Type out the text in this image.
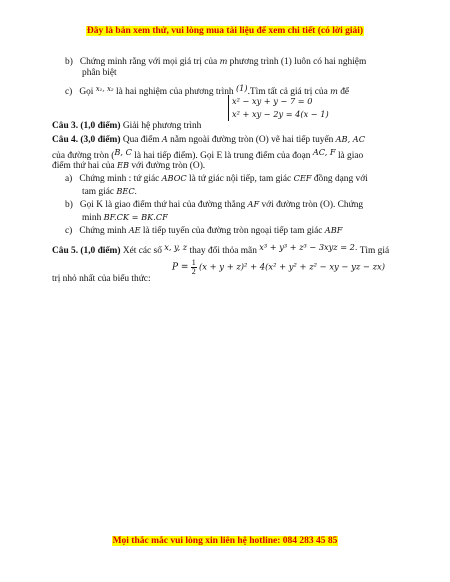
Đây là bản xem thử, vui lòng mua tài liệu để xem chi tiết (có lời giải)
b) Chứng minh rằng với mọi giá trị của m phương trình (1) luôn có hai nghiệm
phân biệt
c) Gọi $^{x_1, x_2}$ là hai nghiệm của phương trình (1).Tìm tất cả giá trị của m để
x² − xy + y − 7 = 0
x² + xy − 2y = 4(x − 1)
Câu 3. (1,0 điểm) Giải hệ phương trình
Câu 4. (3,0 điểm) Qua điểm A nằm ngoài đường tròn (O) vẽ hai tiếp tuyến AB, AC
của đường tròn (B, C là hai tiếp điểm). Gọi E là trung điểm của đoạn AC, F là giao
điểm thứ hai của EB với đường tròn (O).
a) Chứng minh : tứ giác ABOC là tứ giác nội tiếp, tam giác CEF đồng dạng với
tam giác BEC.
b) Gọi K là giao điểm thứ hai của đường thẳng AF với đường tròn (O). Chứng
minh BF.CK = BK.CF
c) Chứng minh AE là tiếp tuyến của đường tròn ngoại tiếp tam giác ABF
Câu 5. (1,0 điểm) Xét các số x, y, z thay đổi thỏa mãn x³ + y³ + z³ − 3xyz = 2. Tìm giá
$P = \frac{1}{2} (x + y + z)^2 + 4(x^2 + y^2 + z^2$ − xy − yz − zx)
trị nhỏ nhất của biểu thức:
Mọi thắc mắc vui lòng xin liên hệ hotline: 084 283 45 85
